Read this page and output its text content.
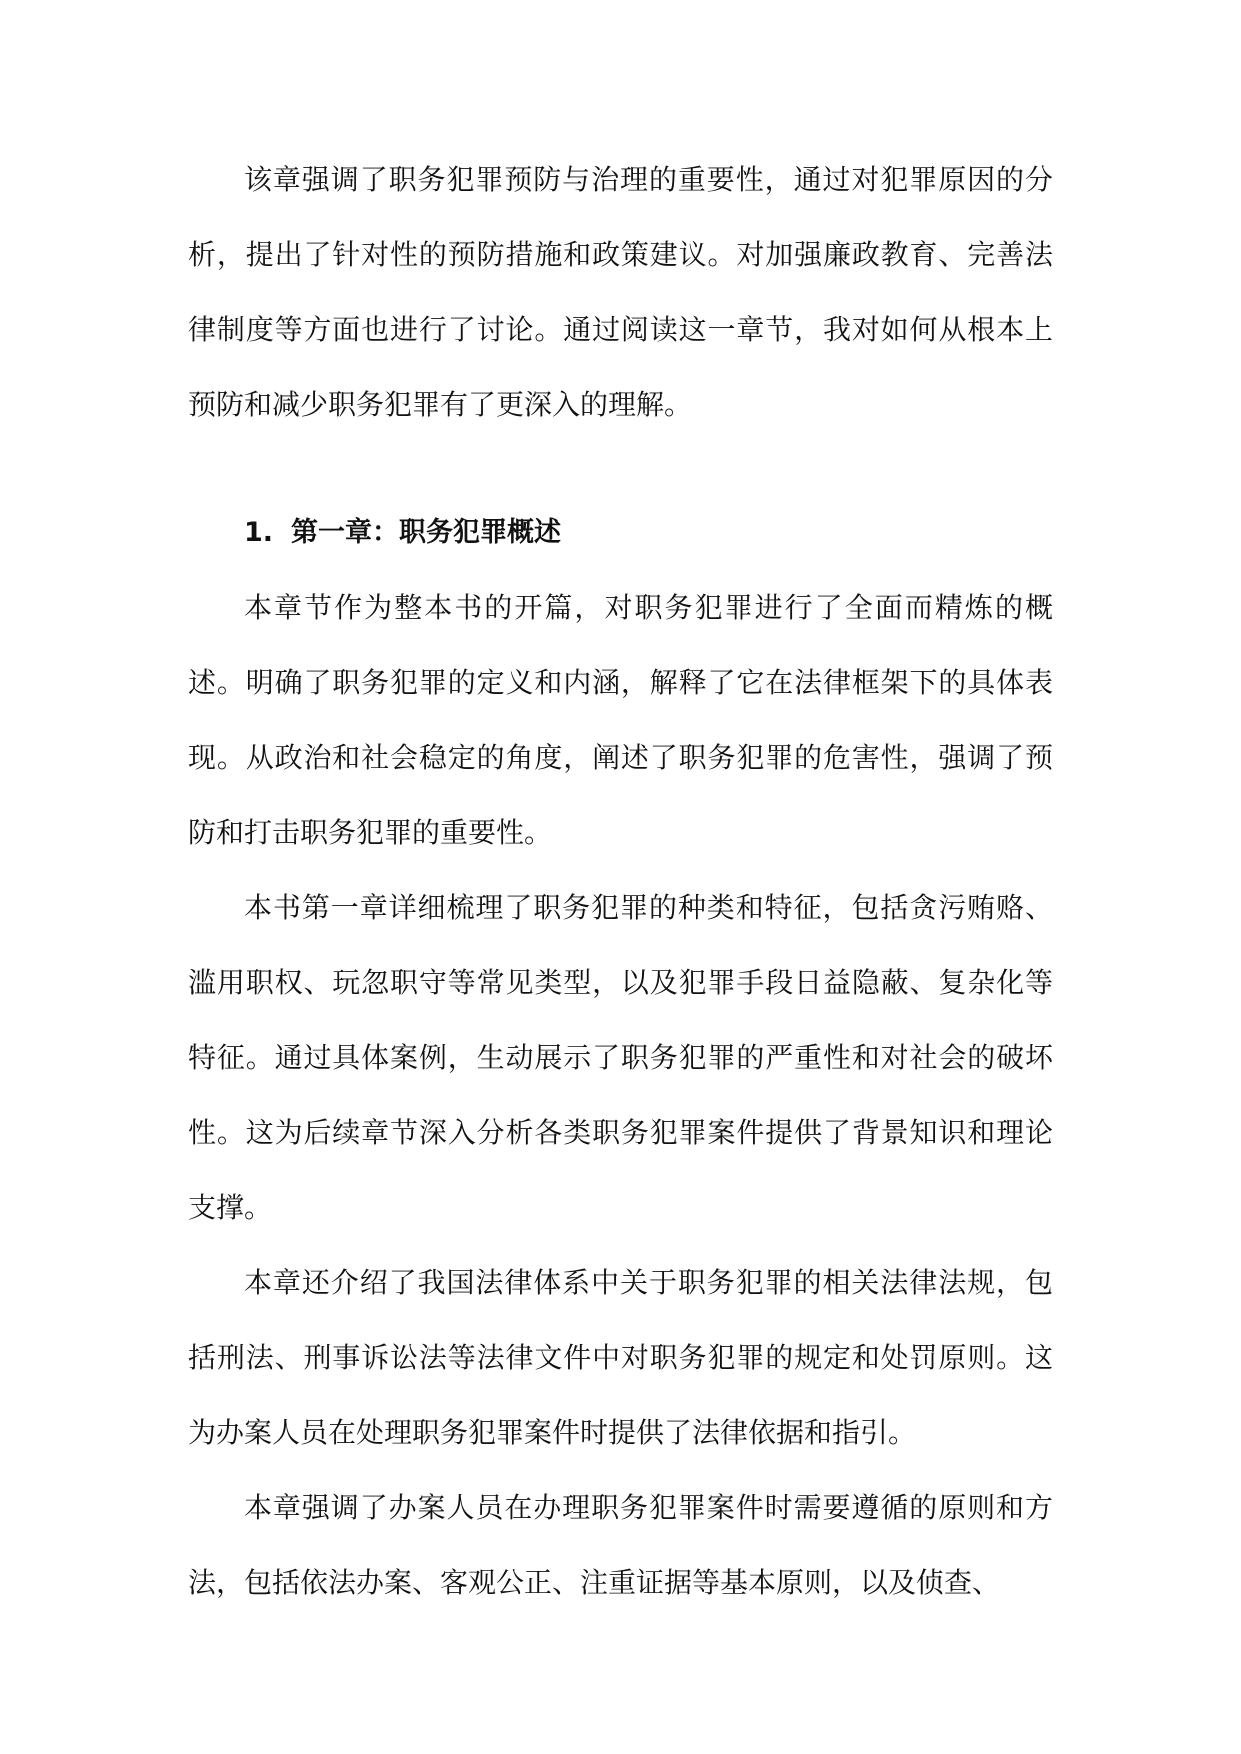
该章强调了职务犯罪预防与治理的重要性，通过对犯罪原因的分析，提出了针对性的预防措施和政策建议。对加强廉政教育、完善法律制度等方面也进行了讨论。通过阅读这一章节，我对如何从根本上预防和减少职务犯罪有了更深入的理解。

1. 第一章：职务犯罪概述

本章节作为整本书的开篇，对职务犯罪进行了全面而精炼的概述。明确了职务犯罪的定义和内涵，解释了它在法律框架下的具体表现。从政治和社会稳定的角度，阐述了职务犯罪的危害性，强调了预防和打击职务犯罪的重要性。

本书第一章详细梳理了职务犯罪的种类和特征，包括贪污贿赂、滥用职权、玩忽职守等常见类型，以及犯罪手段日益隐蔽、复杂化等特征。通过具体案例，生动展示了职务犯罪的严重性和对社会的破坏性。这为后续章节深入分析各类职务犯罪案件提供了背景知识和理论支撑。

本章还介绍了我国法律体系中关于职务犯罪的相关法律法规，包括刑法、刑事诉讼法等法律文件中对职务犯罪的规定和处罚原则。这为办案人员在处理职务犯罪案件时提供了法律依据和指引。

本章强调了办案人员在办理职务犯罪案件时需要遵循的原则和方法，包括依法办案、客观公正、注重证据等基本原则，以及侦查、
